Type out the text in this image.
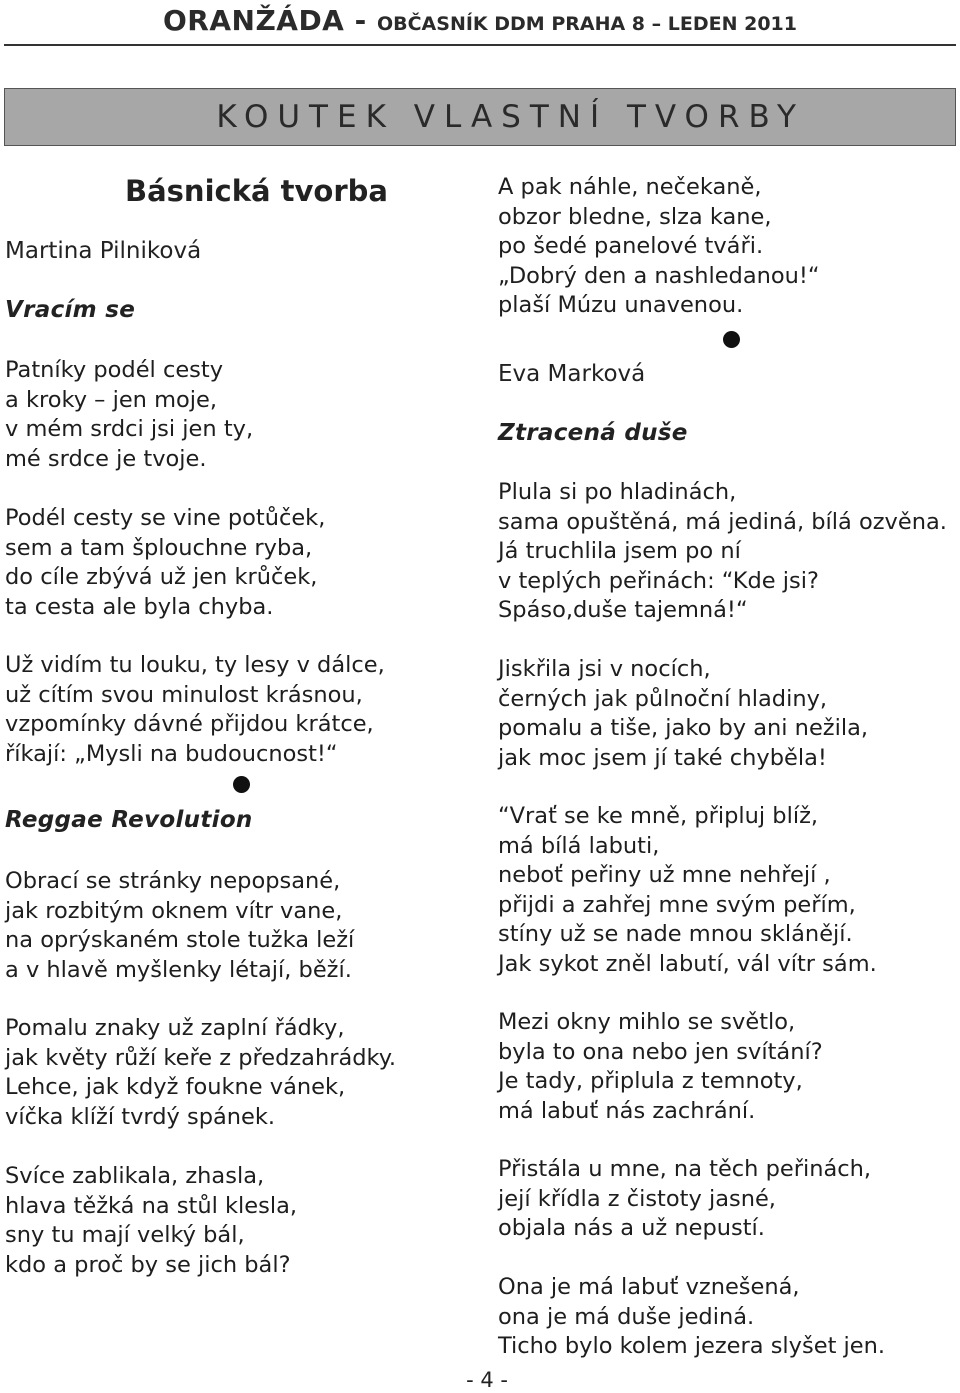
ORANŽÁDA - OBČASNÍK DDM PRAHA 8 – LEDEN 2011
KOUTEK VLASTNÍ TVORBY
Básnická tvorba
Martina Pilniková
Vracím se
Patníky podél cesty
a kroky – jen moje,
v mém srdci jsi jen ty,
mé srdce je tvoje.
Podél cesty se vine potůček,
sem a tam šplouchne ryba,
do cíle zbývá už jen krůček,
ta cesta ale byla chyba.
Už vidím tu louku, ty lesy v dálce,
už cítím svou minulost krásnou,
vzpomínky dávné přijdou krátce,
říkají: „Mysli na budoucnost!“
Reggae Revolution
Obrací se stránky nepopsané,
jak rozbitým oknem vítr vane,
na oprýskaném stole tužka leží
a v hlavě myšlenky létají, běží.
Pomalu znaky už zaplní řádky,
jak květy růží keře z předzahrádky.
Lehce, jak když foukne vánek,
víčka klíží tvrdý spánek.
Svíce zablikala, zhasla,
hlava těžká na stůl klesla,
sny tu mají velký bál,
kdo a proč by se jich bál?
A pak náhle, nečekaně,
obzor bledne, slza kane,
po šedé panelové tváři.
„Dobrý den a nashledanou!“
plaší Múzu unavenou.
Eva Marková
Ztracená duše
Plula si po hladinách,
sama opuštěná, má jediná, bílá ozvěna.
Já truchlila jsem po ní
v teplých peřinách: “Kde jsi?
Spáso,duše tajemná!“
Jiskřila jsi v nocích,
černých jak půlnoční hladiny,
pomalu a tiše, jako by ani nežila,
jak moc jsem jí také chyběla!
“Vrať se ke mně, připluj blíž,
má bílá labuti,
neboť peřiny už mne nehřejí ,
přijdi a zahřej mne svým peřím,
stíny už se nade mnou sklánějí.
Jak sykot zněl labutí, vál vítr sám.
Mezi okny mihlo se světlo,
byla to ona nebo jen svítání?
Je tady, připlula z temnoty,
má labuť nás zachrání.
Přistála u mne, na těch peřinách,
její křídla z čistoty jasné,
objala nás a už nepustí.
Ona je má labuť vznešená,
ona je má duše jediná.
Ticho bylo kolem jezera slyšet jen.
- 4 -
